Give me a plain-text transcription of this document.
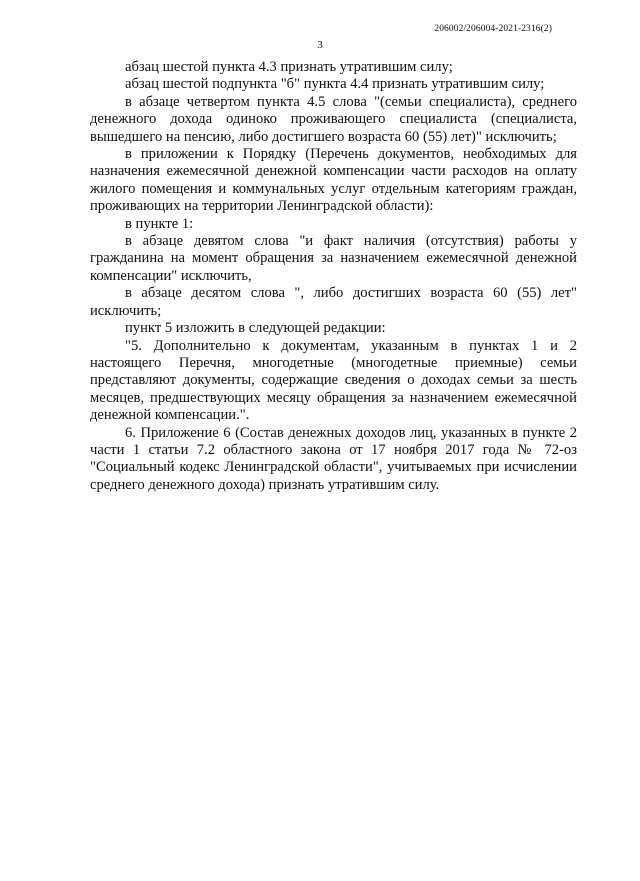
206002/206004-2021-2316(2)
3

абзац шестой пункта 4.3 признать утратившим силу;

абзац шестой подпункта "б" пункта 4.4 признать утратившим силу;

в абзаце четвертом пункта 4.5 слова "(семьи специалиста), среднего денежного дохода одиноко проживающего специалиста (специалиста, вышедшего на пенсию, либо достигшего возраста 60 (55) лет)" исключить;

в приложении к Порядку (Перечень документов, необходимых для назначения ежемесячной денежной компенсации части расходов на оплату жилого помещения и коммунальных услуг отдельным категориям граждан, проживающих на территории Ленинградской области):

в пункте 1:

в абзаце девятом слова "и факт наличия (отсутствия) работы у гражданина на момент обращения за назначением ежемесячной денежной компенсации" исключить,

в абзаце десятом слова ", либо достигших возраста 60 (55) лет" исключить;

пункт 5 изложить в следующей редакции:

"5. Дополнительно к документам, указанным в пунктах 1 и 2 настоящего Перечня, многодетные (многодетные приемные) семьи представляют документы, содержащие сведения о доходах семьи за шесть месяцев, предшествующих месяцу обращения за назначением ежемесячной денежной компенсации.".

6. Приложение 6 (Состав денежных доходов лиц, указанных в пункте 2 части 1 статьи 7.2 областного закона от 17 ноября 2017 года № 72-оз "Социальный кодекс Ленинградской области", учитываемых при исчислении среднего денежного дохода) признать утратившим силу.
